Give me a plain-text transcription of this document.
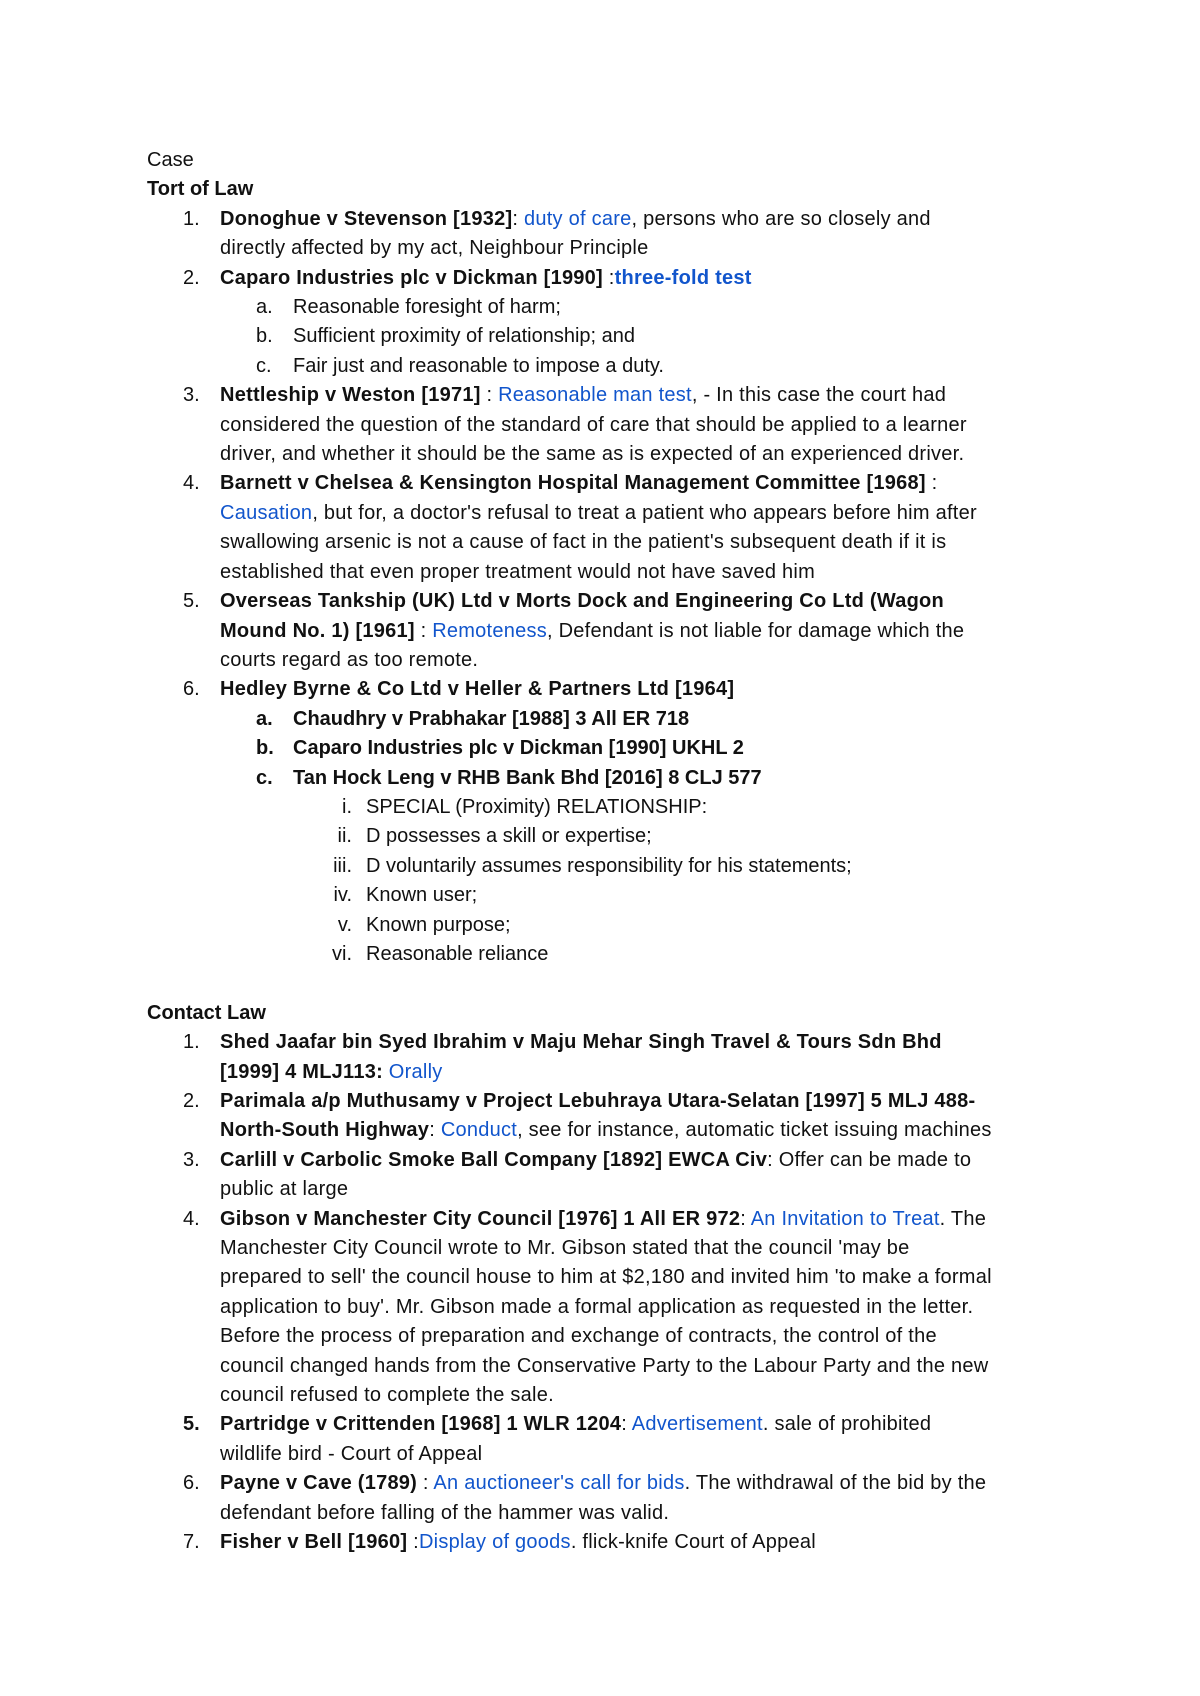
Case
Tort of Law
1.	Donoghue v Stevenson [1932]: duty of care, persons who are so closely and
directly affected by my act, Neighbour Principle
2.	Caparo Industries plc v Dickman [1990] :three-fold test
a.	Reasonable foresight of harm;
b.	Sufficient proximity of relationship; and
c.	Fair just and reasonable to impose a duty.
3.	Nettleship v Weston [1971] : Reasonable man test, - In this case the court had
considered the question of the standard of care that should be applied to a learner
driver, and whether it should be the same as is expected of an experienced driver.
4.	Barnett v Chelsea & Kensington Hospital Management Committee [1968] :
Causation, but for, a doctor's refusal to treat a patient who appears before him after
swallowing arsenic is not a cause of fact in the patient's subsequent death if it is
established that even proper treatment would not have saved him
5.	Overseas Tankship (UK) Ltd v Morts Dock and Engineering Co Ltd (Wagon
Mound No. 1) [1961] : Remoteness, Defendant is not liable for damage which the
courts regard as too remote.
6.	Hedley Byrne & Co Ltd v Heller & Partners Ltd [1964]
a.	Chaudhry v Prabhakar [1988] 3 All ER 718
b. Caparo Industries plc v Dickman [1990] UKHL 2
c.	Tan Hock Leng v RHB Bank Bhd [2016] 8 CLJ 577
i. SPECIAL (Proximity) RELATIONSHIP:
ii. D possesses a skill or expertise;
iii. D voluntarily assumes responsibility for his statements;
iv. Known user;
v. Known purpose;
vi. Reasonable reliance
Contact Law
1.	Shed Jaafar bin Syed Ibrahim v Maju Mehar Singh Travel & Tours Sdn Bhd
[1999] 4 MLJ113: Orally
2.	Parimala a/p Muthusamy v Project Lebuhraya Utara-Selatan [1997] 5 MLJ 488-
North-South Highway: Conduct, see for instance, automatic ticket issuing machines
3.	Carlill v Carbolic Smoke Ball Company [1892] EWCA Civ: Offer can be made to
public at large
4.	Gibson v Manchester City Council [1976] 1 All ER 972: An Invitation to Treat. The
Manchester City Council wrote to Mr. Gibson stated that the council 'may be
prepared to sell' the council house to him at $2,180 and invited him 'to make a formal
application to buy'. Mr. Gibson made a formal application as requested in the letter.
Before the process of preparation and exchange of contracts, the control of the
council changed hands from the Conservative Party to the Labour Party and the new
council refused to complete the sale.
5.	Partridge v Crittenden [1968] 1 WLR 1204: Advertisement. sale of prohibited
wildlife bird - Court of Appeal
6.	Payne v Cave (1789) : An auctioneer's call for bids. The withdrawal of the bid by the
defendant before falling of the hammer was valid.
7.	Fisher v Bell [1960] :Display of goods. flick-knife Court of Appeal
